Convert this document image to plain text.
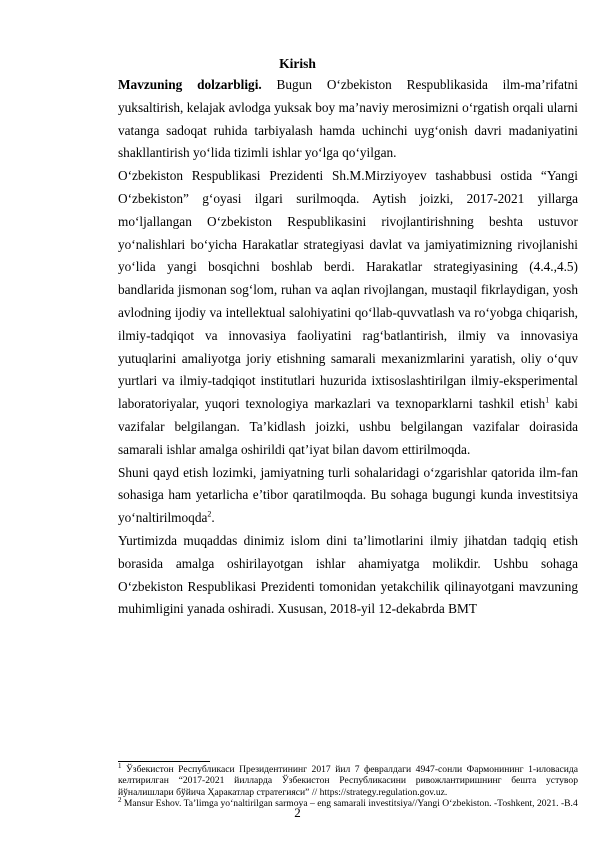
Kirish

Mavzuning dolzarbligi. Bugun O‘zbekiston Respublikasida ilm-ma’rifatni yuksaltirish, kelajak avlodga yuksak boy ma’naviy merosimizni o‘rgatish orqali ularni vatanga sadoqat ruhida tarbiyalash hamda uchinchi uyg‘onish davri madaniyatini shakllantirish yo‘lida tizimli ishlar yo‘lga qo‘yilgan.

O‘zbekiston Respublikasi Prezidenti Sh.M.Mirziyoyev tashabbusi ostida “Yangi O‘zbekiston” g‘oyasi ilgari surilmoqda. Aytish joizki, 2017-2021 yillarga mo‘ljallangan O‘zbekiston Respublikasini rivojlantirishning beshta ustuvor yo‘nalishlari bo‘yicha Harakatlar strategiyasi davlat va jamiyatimizning rivojlanishi yo‘lida yangi bosqichni boshlab berdi. Harakatlar strategiyasining (4.4.,4.5) bandlarida jismonan sog‘lom, ruhan va aqlan rivojlangan, mustaqil fikrlaydigan, yosh avlodning ijodiy va intellektual salohiyatini qo‘llab-quvvatlash va ro‘yobga chiqarish, ilmiy-tadqiqot va innovasiya faoliyatini rag‘batlantirish, ilmiy va innovasiya yutuqlarini amaliyotga joriy etishning samarali mexanizmlarini yaratish, oliy o‘quv yurtlari va ilmiy-tadqiqot institutlari huzurida ixtisoslashtirilgan ilmiy-eksperimental laboratoriyalar, yuqori texnologiya markazlari va texnoparklarni tashkil etish$^1$ kabi vazifalar belgilangan. Ta’kidlash joizki, ushbu belgilangan vazifalar doirasida samarali ishlar amalga oshirildi qat’iyat bilan davom ettirilmoqda.

Shuni qayd etish lozimki, jamiyatning turli sohalaridagi o‘zgarishlar qatorida ilm-fan sohasiga ham yetarlicha e’tibor qaratilmoqda. Bu sohaga bugungi kunda investitsiya yo‘naltirilmoqda$^2$.

Yurtimizda muqaddas dinimiz islom dini ta’limotlarini ilmiy jihatdan tadqiq etish borasida amalga oshirilayotgan ishlar ahamiyatga molikdir. Ushbu sohaga O‘zbekiston Respublikasi Prezidenti tomonidan yetakchilik qilinayotgani mavzuning muhimligini yanada oshiradi. Xususan, 2018-yil 12-dekabrda BMT

$^1$ Ўзбекистон Республикаси Президентининг 2017 йил 7 февралдаги 4947-сонли Фармонининг 1-иловасида келтирилган “2017-2021 йилларда Ўзбекистон Республикасини ривожлантиришнинг бешта устувор йўналишлари бўйича Ҳаракатлар стратегияси” // https://strategy.regulation.gov.uz.

$^2$ Mansur Eshov. Ta’limga yo‘naltirilgan sarmoya – eng samarali investitsiya//Yangi O‘zbekiston. -Toshkent, 2021. -B.4

2
